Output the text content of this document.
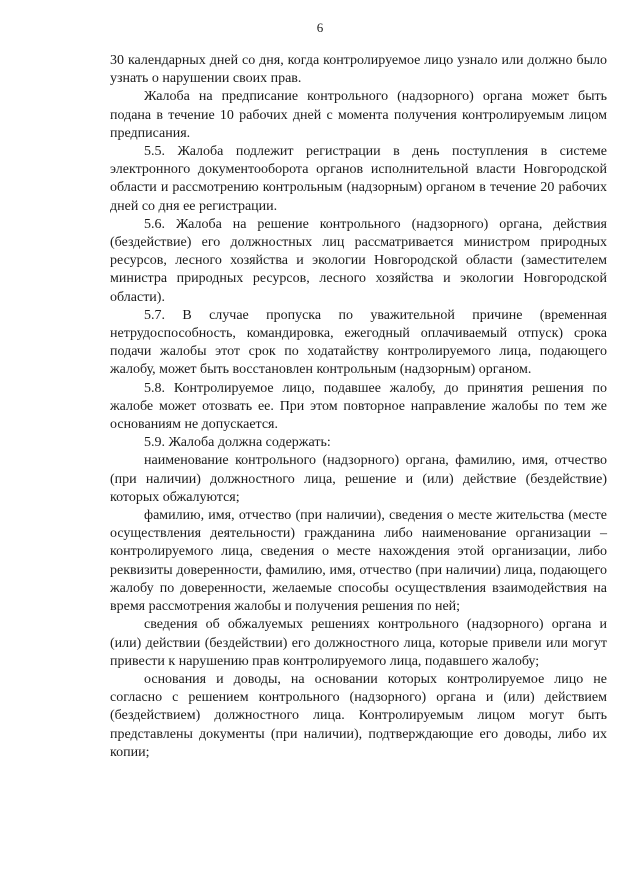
6

30 календарных дней со дня, когда контролируемое лицо узнало или должно было узнать о нарушении своих прав.

Жалоба на предписание контрольного (надзорного) органа может быть подана в течение 10 рабочих дней с момента получения контролируемым лицом предписания.

5.5. Жалоба подлежит регистрации в день поступления в системе электронного документооборота органов исполнительной власти Новгородской области и рассмотрению контрольным (надзорным) органом в течение 20 рабочих дней со дня ее регистрации.

5.6. Жалоба на решение контрольного (надзорного) органа, действия (бездействие) его должностных лиц рассматривается министром природных ресурсов, лесного хозяйства и экологии Новгородской области (заместителем министра природных ресурсов, лесного хозяйства и экологии Новгородской области).

5.7. В случае пропуска по уважительной причине (временная нетрудоспособность, командировка, ежегодный оплачиваемый отпуск) срока подачи жалобы этот срок по ходатайству контролируемого лица, подающего жалобу, может быть восстановлен контрольным (надзорным) органом.

5.8. Контролируемое лицо, подавшее жалобу, до принятия решения по жалобе может отозвать ее. При этом повторное направление жалобы по тем же основаниям не допускается.

5.9. Жалоба должна содержать:

наименование контрольного (надзорного) органа, фамилию, имя, отчество (при наличии) должностного лица, решение и (или) действие (бездействие) которых обжалуются;

фамилию, имя, отчество (при наличии), сведения о месте жительства (месте осуществления деятельности) гражданина либо наименование организации – контролируемого лица, сведения о месте нахождения этой организации, либо реквизиты доверенности, фамилию, имя, отчество (при наличии) лица, подающего жалобу по доверенности, желаемые способы осуществления взаимодействия на время рассмотрения жалобы и получения решения по ней;

сведения об обжалуемых решениях контрольного (надзорного) органа и (или) действии (бездействии) его должностного лица, которые привели или могут привести к нарушению прав контролируемого лица, подавшего жалобу;

основания и доводы, на основании которых контролируемое лицо не согласно с решением контрольного (надзорного) органа и (или) действием (бездействием) должностного лица. Контролируемым лицом могут быть представлены документы (при наличии), подтверждающие его доводы, либо их копии;
